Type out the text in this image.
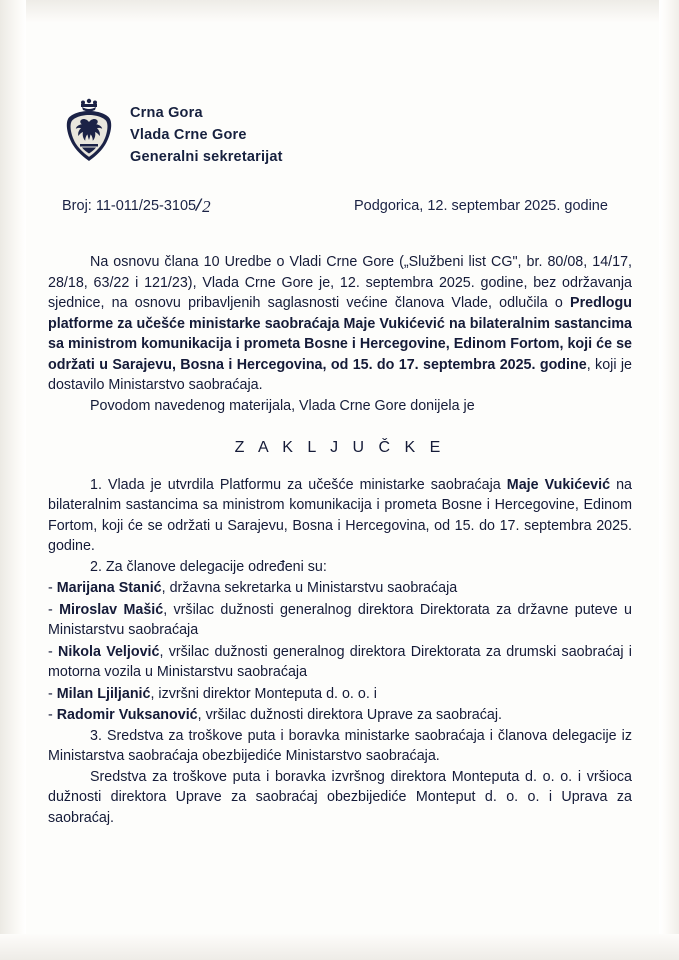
Crna Gora
Vlada Crne Gore
Generalni sekretarijat
Broj: 11-011/25-3105/2	Podgorica, 12. septembar 2025. godine

Na osnovu člana 10 Uredbe o Vladi Crne Gore („Službeni list CG", br. 80/08, 14/17, 28/18, 63/22 i 121/23), Vlada Crne Gore je, 12. septembra 2025. godine, bez održavanja sjednice, na osnovu pribavljenih saglasnosti većine članova Vlade, odlučila o Predlogu platforme za učešće ministarke saobraćaja Maje Vukićević na bilateralnim sastancima sa ministrom komunikacija i prometa Bosne i Hercegovine, Edinom Fortom, koji će se održati u Sarajevu, Bosna i Hercegovina, od 15. do 17. septembra 2025. godine, koji je dostavilo Ministarstvo saobraćaja.

Povodom navedenog materijala, Vlada Crne Gore donijela je

Z A K L J U Č K E

1. Vlada je utvrdila Platformu za učešće ministarke saobraćaja Maje Vukićević na bilateralnim sastancima sa ministrom komunikacija i prometa Bosne i Hercegovine, Edinom Fortom, koji će se održati u Sarajevu, Bosna i Hercegovina, od 15. do 17. septembra 2025. godine.

2. Za članove delegacije određeni su:

- Marijana Stanić, državna sekretarka u Ministarstvu saobraćaja

- Miroslav Mašić, vršilac dužnosti generalnog direktora Direktorata za državne puteve u Ministarstvu saobraćaja

- Nikola Veljović, vršilac dužnosti generalnog direktora Direktorata za drumski saobraćaj i motorna vozila u Ministarstvu saobraćaja

- Milan Ljiljanić, izvršni direktor Monteputa d. o. o. i

- Radomir Vuksanović, vršilac dužnosti direktora Uprave za saobraćaj.

3. Sredstva za troškove puta i boravka ministarke saobraćaja i članova delegacije iz Ministarstva saobraćaja obezbijediće Ministarstvo saobraćaja.

Sredstva za troškove puta i boravka izvršnog direktora Monteputa d. o. o. i vršioca dužnosti direktora Uprave za saobraćaj obezbijediće Monteput d. o. o. i Uprava za saobraćaj.
